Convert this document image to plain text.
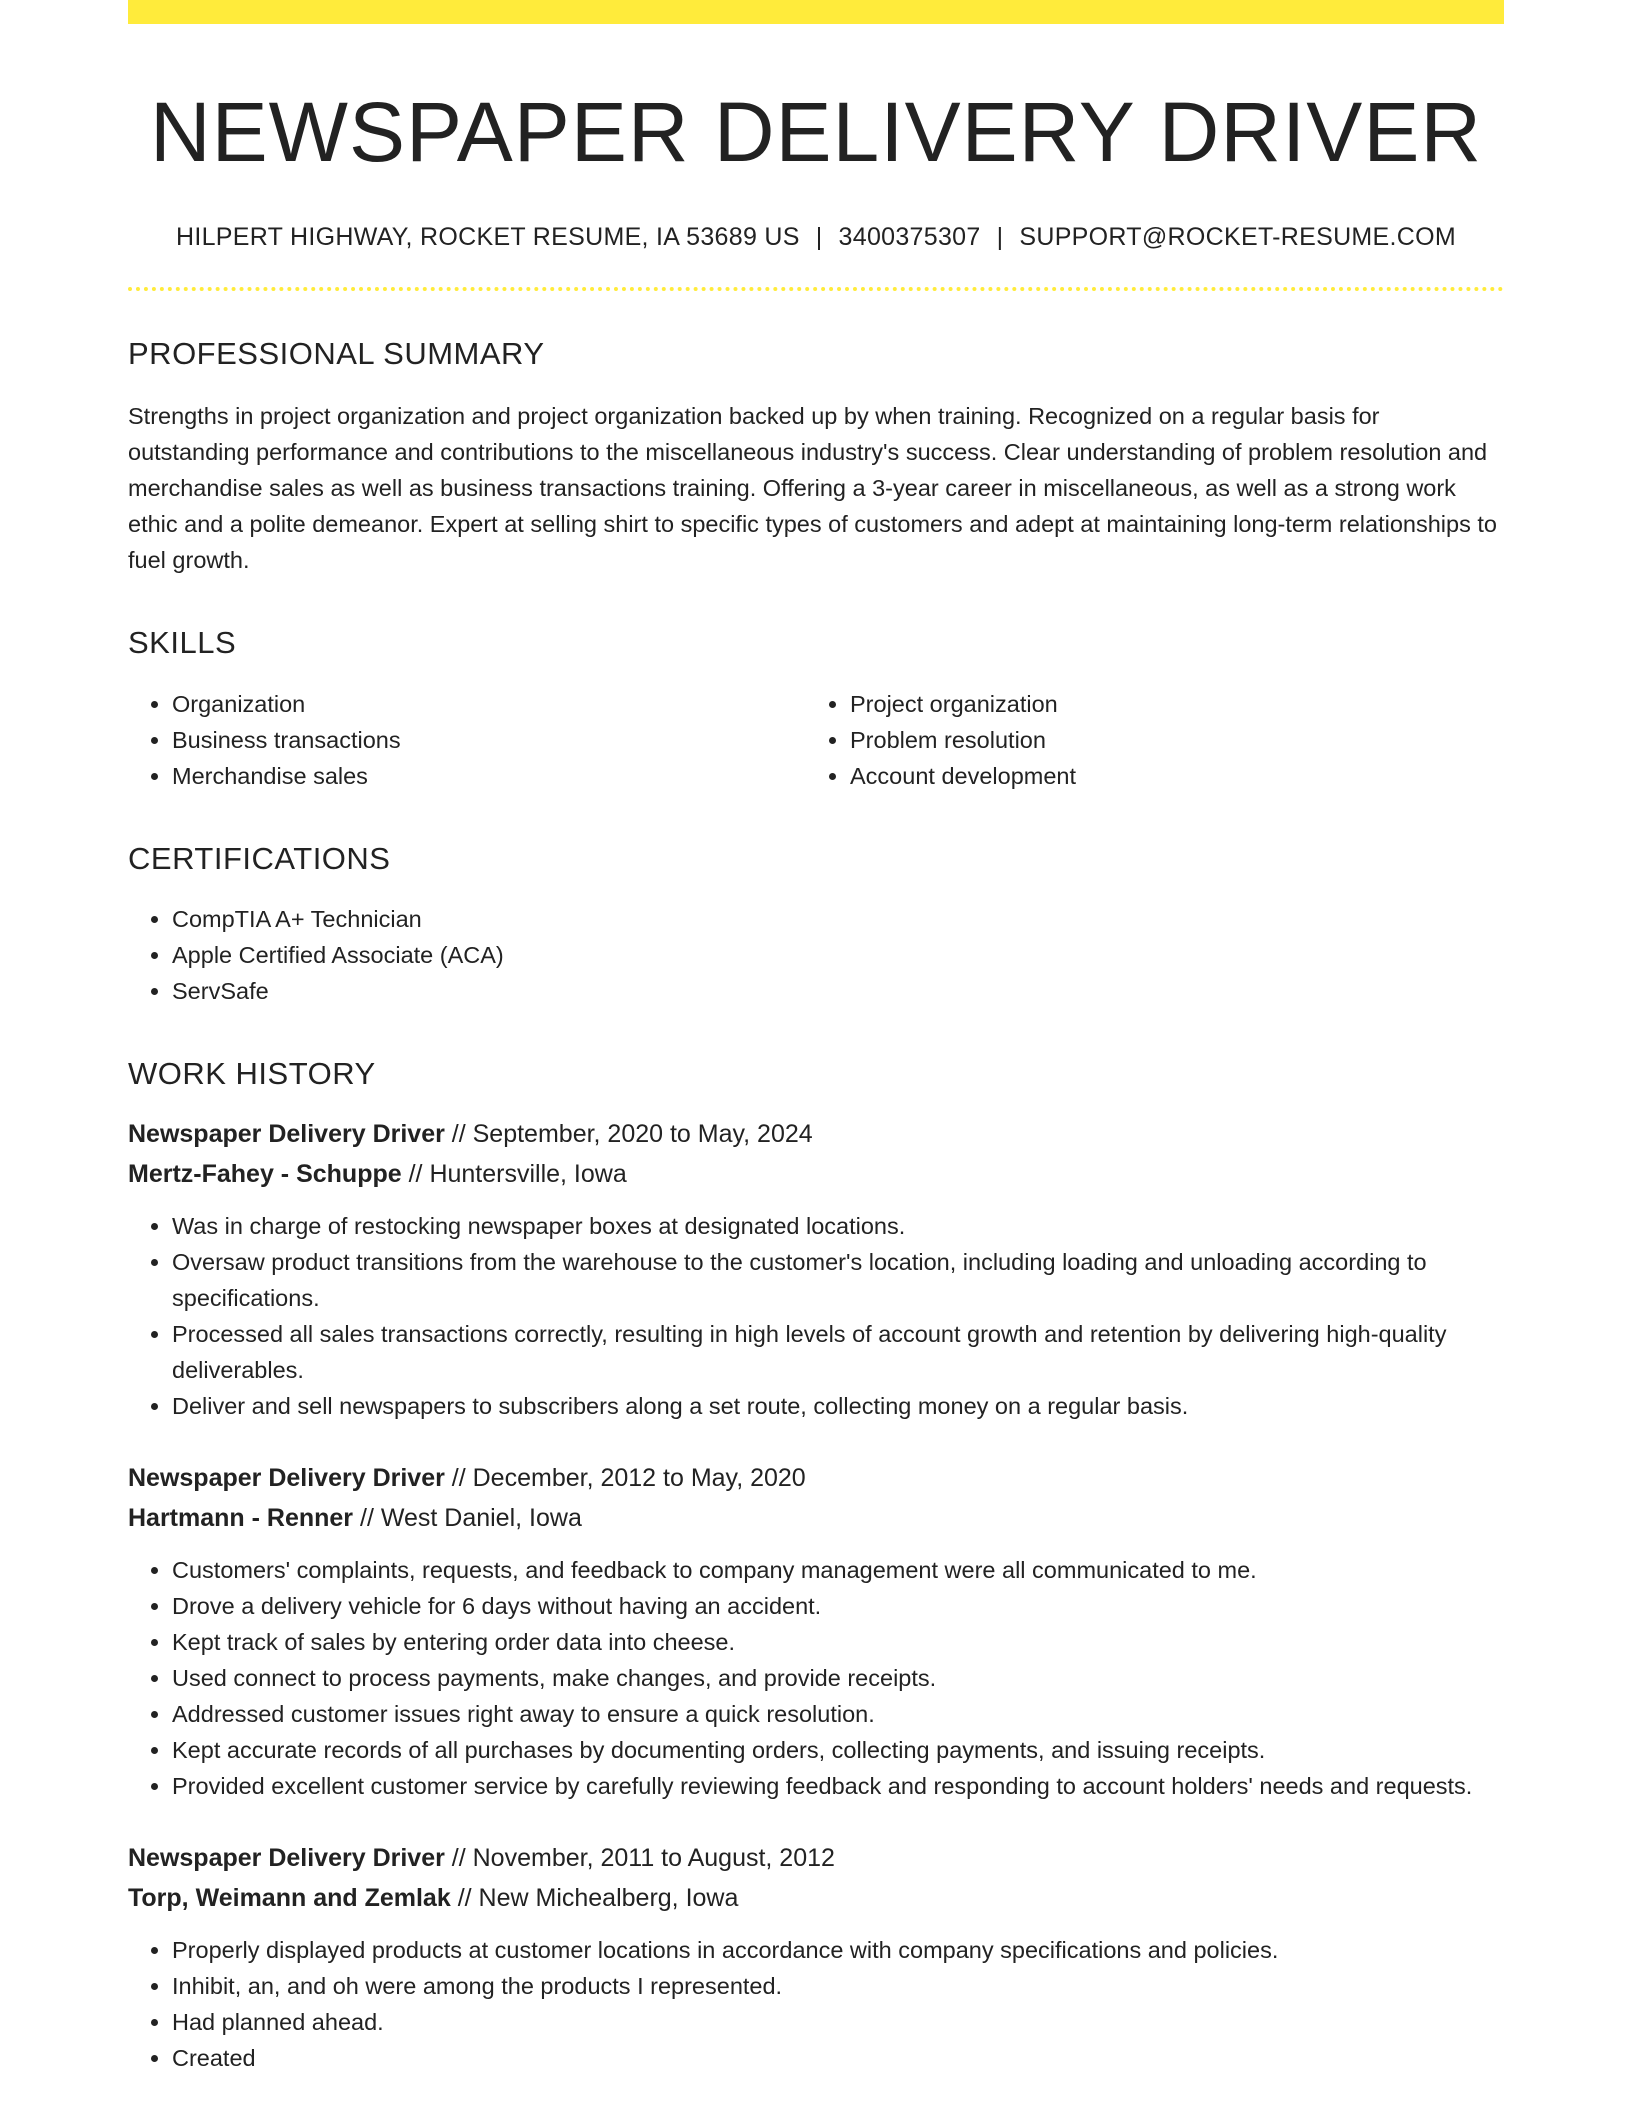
NEWSPAPER DELIVERY DRIVER
HILPERT HIGHWAY, ROCKET RESUME, IA 53689 US | 3400375307 | SUPPORT@ROCKET-RESUME.COM
PROFESSIONAL SUMMARY

Strengths in project organization and project organization backed up by when training. Recognized on a regular basis for outstanding performance and contributions to the miscellaneous industry's success. Clear understanding of problem resolution and merchandise sales as well as business transactions training. Offering a 3-year career in miscellaneous, as well as a strong work ethic and a polite demeanor. Expert at selling shirt to specific types of customers and adept at maintaining long-term relationships to fuel growth.

SKILLS
• Organization
• Business transactions
• Merchandise sales
• Project organization
• Problem resolution
• Account development
CERTIFICATIONS
• CompTIA A+ Technician
• Apple Certified Associate (ACA)
• ServSafe
WORK HISTORY
Newspaper Delivery Driver // September, 2020 to May, 2024
Mertz-Fahey - Schuppe // Huntersville, Iowa
• Was in charge of restocking newspaper boxes at designated locations.
• Oversaw product transitions from the warehouse to the customer's location, including loading and unloading according to specifications.
• Processed all sales transactions correctly, resulting in high levels of account growth and retention by delivering high-quality deliverables.
• Deliver and sell newspapers to subscribers along a set route, collecting money on a regular basis.
Newspaper Delivery Driver // December, 2012 to May, 2020
Hartmann - Renner // West Daniel, Iowa
• Customers' complaints, requests, and feedback to company management were all communicated to me.
• Drove a delivery vehicle for 6 days without having an accident.
• Kept track of sales by entering order data into cheese.
• Used connect to process payments, make changes, and provide receipts.
• Addressed customer issues right away to ensure a quick resolution.
• Kept accurate records of all purchases by documenting orders, collecting payments, and issuing receipts.
• Provided excellent customer service by carefully reviewing feedback and responding to account holders' needs and requests.
Newspaper Delivery Driver // November, 2011 to August, 2012
Torp, Weimann and Zemlak // New Michealberg, Iowa
• Properly displayed products at customer locations in accordance with company specifications and policies.
• Inhibit, an, and oh were among the products I represented.
• Had planned ahead.
• Created
